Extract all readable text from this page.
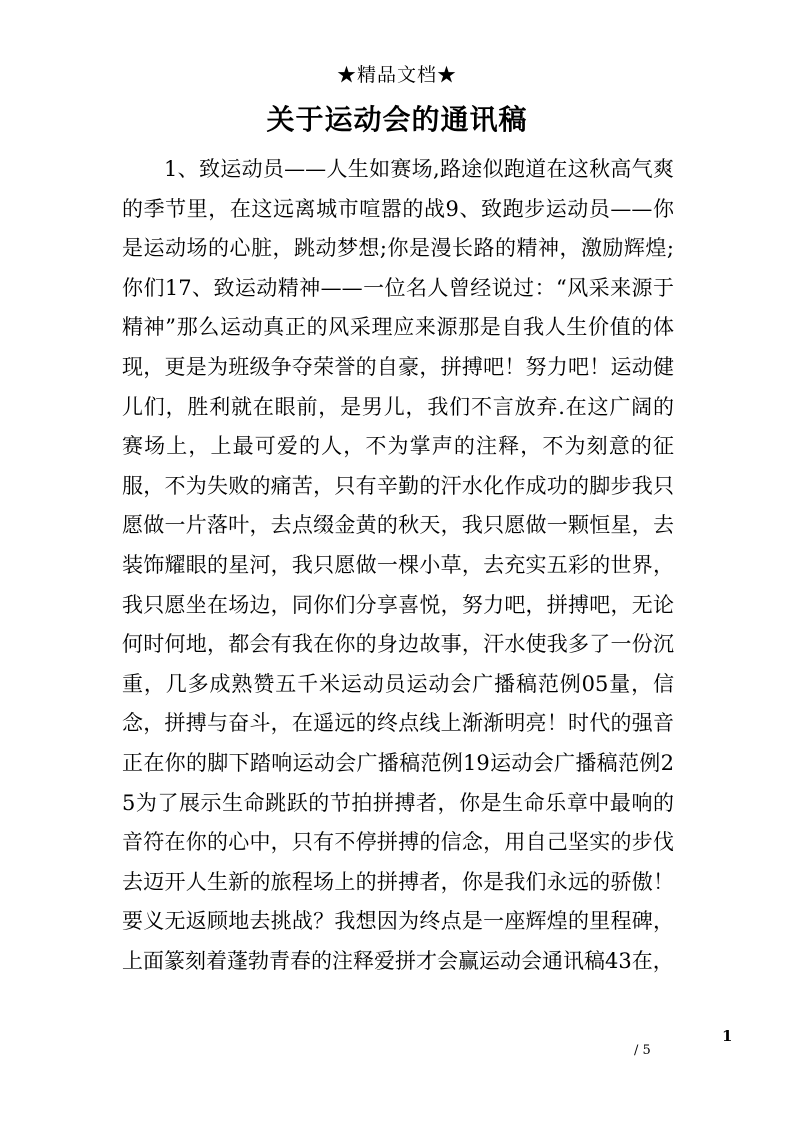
★精品文档★
关于运动会的通讯稿
1、致运动员——人生如赛场,路途似跑道在这秋高气爽的季节里，在这远离城市喧嚣的战9、致跑步运动员——你是运动场的心脏，跳动梦想;你是漫长路的精神，激励辉煌;你们17、致运动精神——一位名人曾经说过：“风采来源于精神”那么运动真正的风采理应来源那是自我人生价值的体现，更是为班级争夺荣誉的自豪，拼搏吧！努力吧！运动健儿们，胜利就在眼前，是男儿，我们不言放弃.在这广阔的赛场上，上最可爱的人，不为掌声的注释，不为刻意的征服，不为失败的痛苦，只有辛勤的汗水化作成功的脚步我只愿做一片落叶，去点缀金黄的秋天，我只愿做一颗恒星，去装饰耀眼的星河，我只愿做一棵小草，去充实五彩的世界，我只愿坐在场边，同你们分享喜悦，努力吧，拼搏吧，无论何时何地，都会有我在你的身边故事，汗水使我多了一份沉重，几多成熟赞五千米运动员运动会广播稿范例05量，信念，拼搏与奋斗，在遥远的终点线上渐渐明亮！时代的强音正在你的脚下踏响运动会广播稿范例19运动会广播稿范例25为了展示生命跳跃的节拍拼搏者，你是生命乐章中最响的音符在你的心中，只有不停拼搏的信念，用自己坚实的步伐去迈开人生新的旅程场上的拼搏者，你是我们永远的骄傲！要义无返顾地去挑战？我想因为终点是一座辉煌的里程碑，上面篆刻着蓬勃青春的注释爱拼才会赢运动会通讯稿43在，
1
/ 5
